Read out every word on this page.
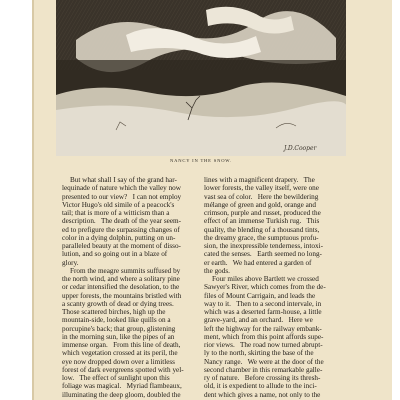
J.D.Cooper
NANCY IN THE SNOW.

But what shall I say of the grand har-

lequinade of nature which the valley now

presented to our view?   I can not employ

Victor Hugo's old simile of a peacock's

tail; that is more of a witticism than a

description.   The death of the year seem-

ed to prefigure the surpassing changes of

color in a dying dolphin, putting on un-

paralleled beauty at the moment of disso-

lution, and so going out in a blaze of

glory.

From the meagre summits suffused by

the north wind, and where a solitary pine

or cedar intensified the desolation, to the

upper forests, the mountains bristled with

a scanty growth of dead or dying trees.

Those scattered birches, high up the

mountain-side, looked like quills on a

porcupine's back; that group, glistening

in the morning sun, like the pipes of an

immense organ.   From this line of death,

which vegetation crossed at its peril, the

eye now dropped down over a limitless

forest of dark evergreens spotted with yel-

low.   The effect of sunlight upon this

foliage was magical.   Myriad flambeaux,

illuminating the deep gloom, doubled the

lines with a magnificent drapery.   The

lower forests, the valley itself, were one

vast sea of color.   Here the bewildering

mélange of green and gold, orange and

crimson, purple and russet, produced the

effect of an immense Turkish rug.   This

quality, the blending of a thousand tints,

the dreamy grace, the sumptuous profu-

sion, the inexpressible tenderness, intoxi-

cated the senses.   Earth seemed no long-

er earth.   We had entered a garden of

the gods.

Four miles above Bartlett we crossed

Sawyer's River, which comes from the de-

files of Mount Carrigain, and leads the

way to it.   Then to a second intervale, in

which was a deserted farm-house, a little

grave-yard, and an orchard.   Here we

left the highway for the railway embank-

ment, which from this point affords supe-

rior views.   The road now turned abrupt-

ly to the north, skirting the base of the

Nancy range.   We were at the door of the

second chamber in this remarkable galle-

ry of nature.   Before crossing its thresh-

old, it is expedient to allude to the inci-

dent which gives a name, not only to the
